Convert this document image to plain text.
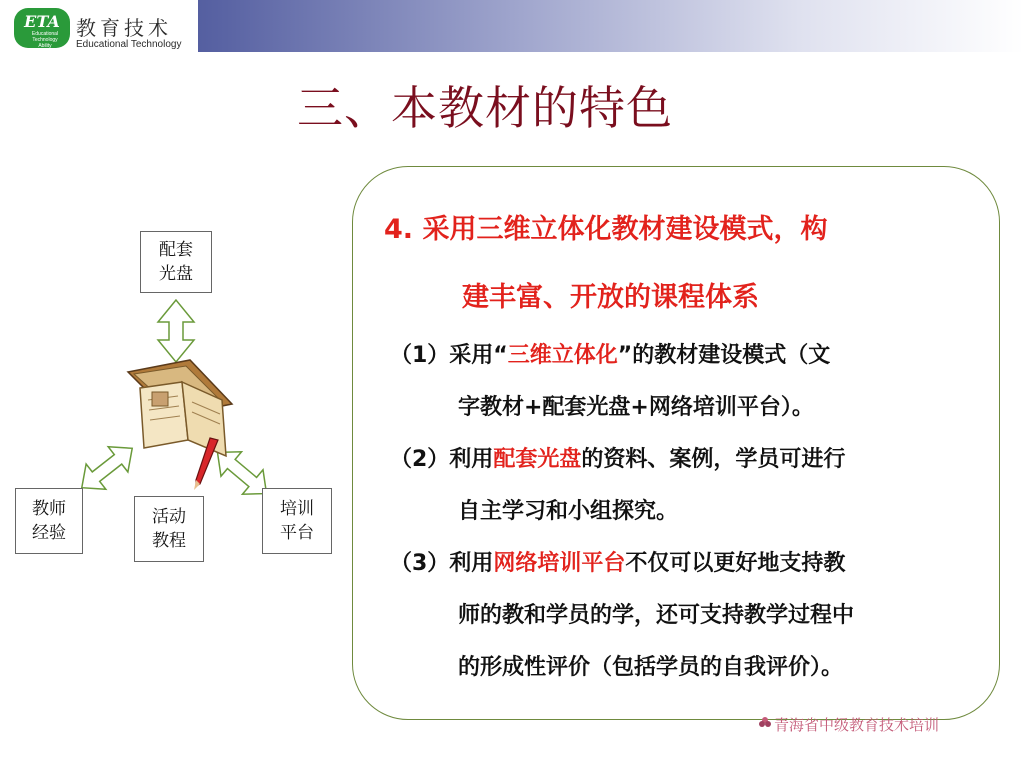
ETA
Educational
Technology
Ability
教育技术
Educational Technology
三、本教材的特色
配套光盘
教师经验
活动教程
培训平台
4. 采用三维立体化教材建设模式，构
建丰富、开放的课程体系
（1）采用“三维立体化”的教材建设模式（文
字教材+配套光盘+网络培训平台）。
（2）利用配套光盘的资料、案例，学员可进行
自主学习和小组探究。
（3）利用网络培训平台不仅可以更好地支持教
师的教和学员的学，还可支持教学过程中
的形成性评价（包括学员的自我评价）。
青海省中级教育技术培训
